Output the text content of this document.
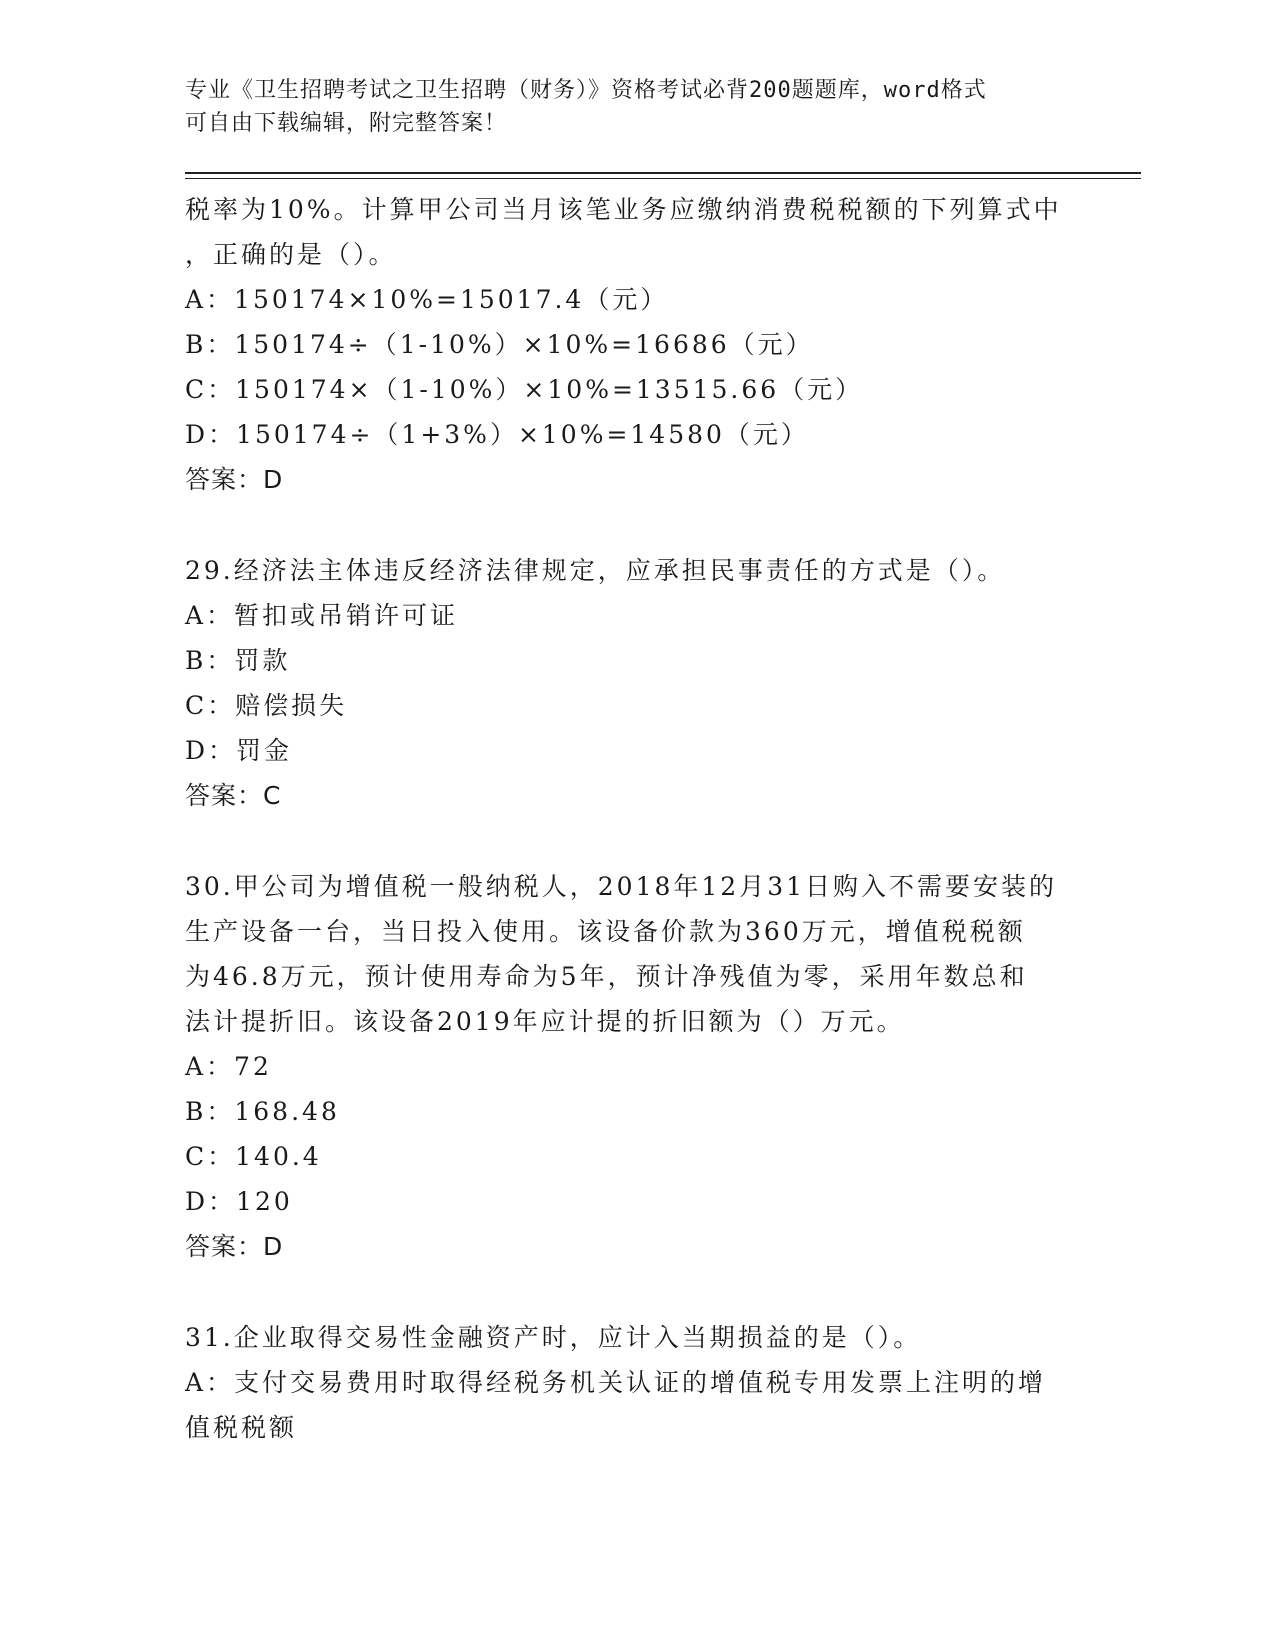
专业《卫生招聘考试之卫生招聘（财务）》资格考试必背200题题库，word格式
可自由下载编辑，附完整答案！
税率为10%。计算甲公司当月该笔业务应缴纳消费税税额的下列算式中
，正确的是（）。
A：150174×10%=15017.4（元）
B：150174÷（1-10%）×10%=16686（元）
C：150174×（1-10%）×10%=13515.66（元）
D：150174÷（1+3%）×10%=14580（元）
答案：D
29.经济法主体违反经济法律规定，应承担民事责任的方式是（）。
A：暂扣或吊销许可证
B：罚款
C：赔偿损失
D：罚金
答案：C
30.甲公司为增值税一般纳税人，2018年12月31日购入不需要安装的
生产设备一台，当日投入使用。该设备价款为360万元，增值税税额
为46.8万元，预计使用寿命为5年，预计净残值为零，采用年数总和
法计提折旧。该设备2019年应计提的折旧额为（）万元。
A：72
B：168.48
C：140.4
D：120
答案：D
31.企业取得交易性金融资产时，应计入当期损益的是（）。
A：支付交易费用时取得经税务机关认证的增值税专用发票上注明的增
值税税额
